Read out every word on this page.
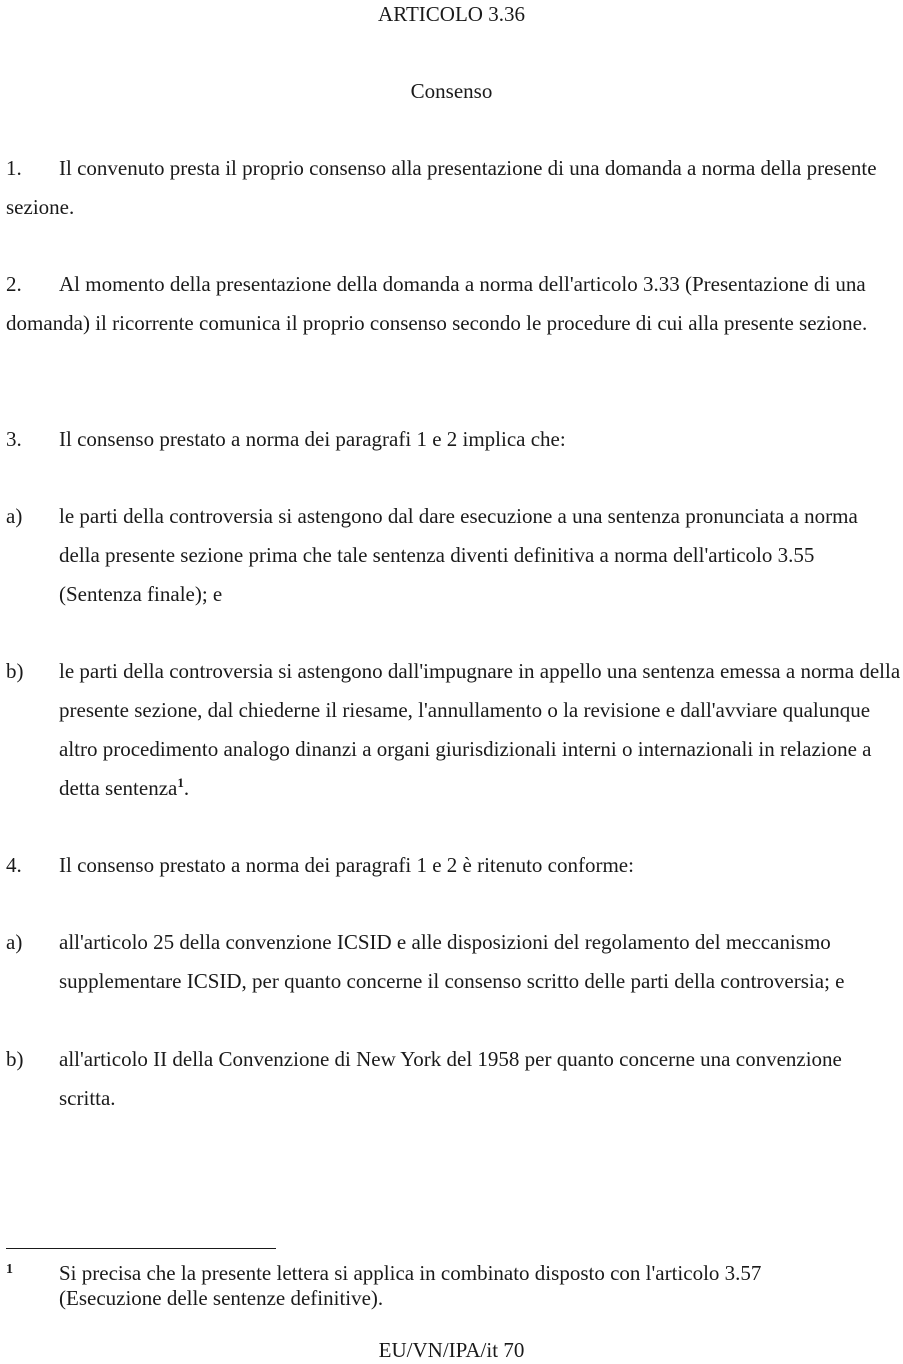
ARTICOLO 3.36
Consenso
1. Il convenuto presta il proprio consenso alla presentazione di una domanda a norma della presente sezione.
2. Al momento della presentazione della domanda a norma dell'articolo 3.33 (Presentazione di una domanda) il ricorrente comunica il proprio consenso secondo le procedure di cui alla presente sezione.
3. Il consenso prestato a norma dei paragrafi 1 e 2 implica che:
a) le parti della controversia si astengono dal dare esecuzione a una sentenza pronunciata a norma della presente sezione prima che tale sentenza diventi definitiva a norma dell'articolo 3.55 (Sentenza finale); e
b) le parti della controversia si astengono dall'impugnare in appello una sentenza emessa a norma della presente sezione, dal chiederne il riesame, l'annullamento o la revisione e dall'avviare qualunque altro procedimento analogo dinanzi a organi giurisdizionali interni o internazionali in relazione a detta sentenza$^1$.
4. Il consenso prestato a norma dei paragrafi 1 e 2 è ritenuto conforme:
a) all'articolo 25 della convenzione ICSID e alle disposizioni del regolamento del meccanismo supplementare ICSID, per quanto concerne il consenso scritto delle parti della controversia; e
b) all'articolo II della Convenzione di New York del 1958 per quanto concerne una convenzione scritta.
1 Si precisa che la presente lettera si applica in combinato disposto con l'articolo 3.57 (Esecuzione delle sentenze definitive).
EU/VN/IPA/it 70
